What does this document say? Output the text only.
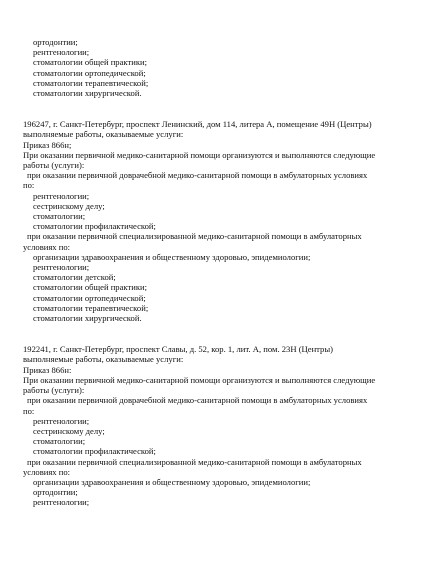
ортодонтии;
рентгенологии;
стоматологии общей практики;
стоматологии ортопедической;
стоматологии терапевтической;
стоматологии хирургической.
196247, г. Санкт-Петербург, проспект Ленинский, дом 114, литера А, помещение 49Н (Центры)
выполняемые работы, оказываемые услуги:
Приказ 866н;
При оказании первичной медико-санитарной помощи организуются и выполняются следующие
работы (услуги):
при оказании первичной доврачебной медико-санитарной помощи в амбулаторных условиях
по:
рентгенологии;
сестринскому делу;
стоматологии;
стоматологии профилактической;
при оказании первичной специализированной медико-санитарной помощи в амбулаторных
условиях по:
организации здравоохранения и общественному здоровью, эпидемиологии;
рентгенологии;
стоматологии детской;
стоматологии общей практики;
стоматологии ортопедической;
стоматологии терапевтической;
стоматологии хирургической.
192241, г. Санкт-Петербург, проспект Славы, д. 52, кор. 1, лит. А, пом. 23Н (Центры)
выполняемые работы, оказываемые услуги:
Приказ 866н:
При оказании первичной медико-санитарной помощи организуются и выполняются следующие
работы (услуги):
при оказании первичной доврачебной медико-санитарной помощи в амбулаторных условиях
по:
рентгенологии;
сестринскому делу;
стоматологии;
стоматологии профилактической;
при оказании первичной специализированной медико-санитарной помощи в амбулаторных
условиях по:
организации здравоохранения и общественному здоровью, эпидемиологии;
ортодонтии;
рентгенологии;
